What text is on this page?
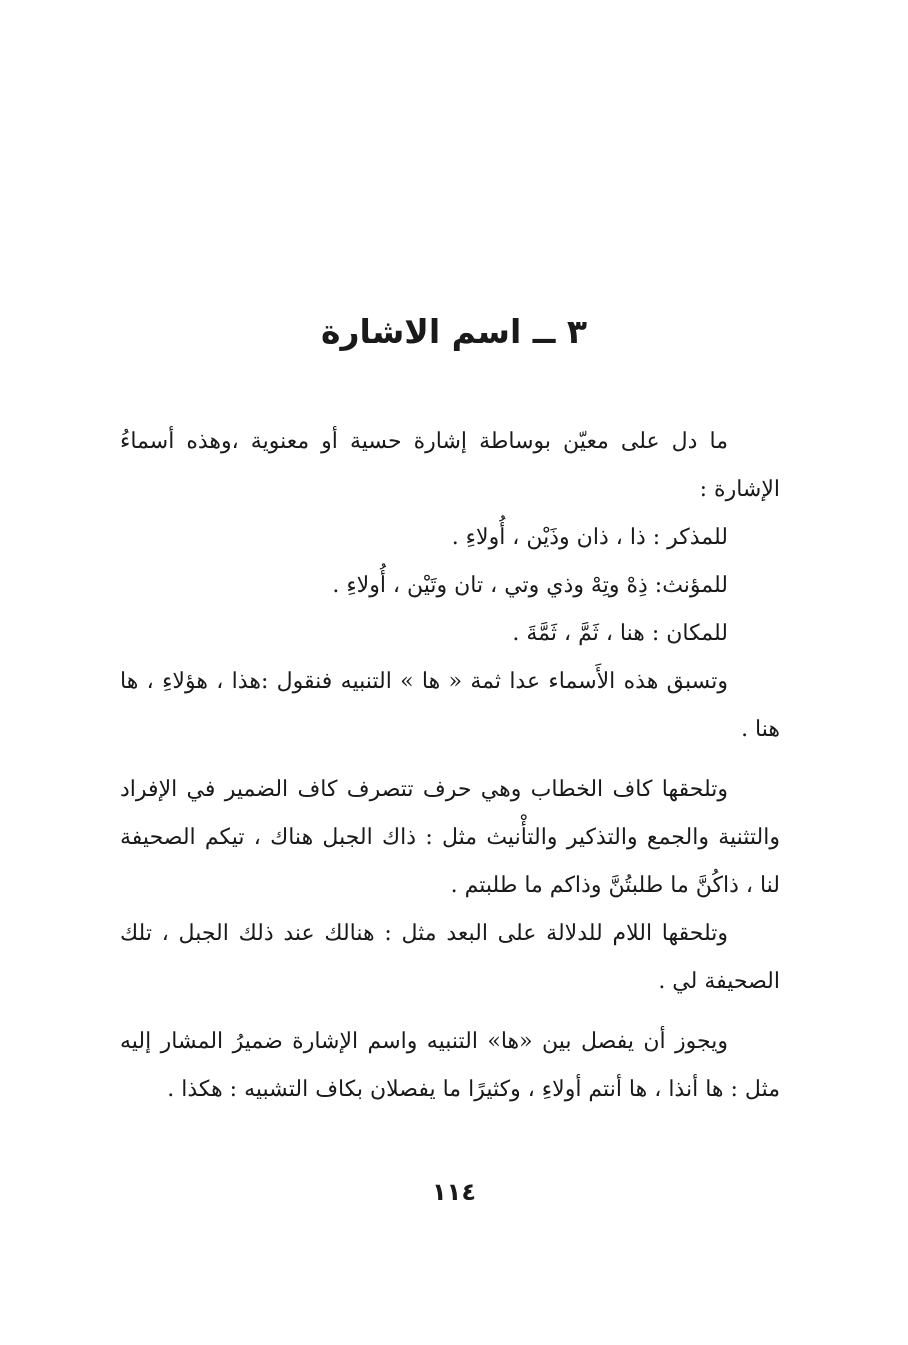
٣ ــ اسم الاشارة

ما دل على معيّن بوساطة إشارة حسية أو معنوية ،وهذه أسماءُ الإشارة :

للمذكر : ذا ، ذان وذَيْن ، أُولاءِ .

للمؤنث: ذِهْ وتِهْ وذي وتي ، تان وتَيْن ، أُولاءِ .

للمكان : هنا ، ثَمَّ ، ثَمَّةَ .

وتسبق هذه الأَسماء عدا ثمة « ها » التنبيه فنقول :هذا ، هؤلاءِ ، ها هنا .

وتلحقها كاف الخطاب وهي حرف تتصرف كاف الضمير في الإفراد والتثنية والجمع والتذكير والتأْنيث مثل : ذاك الجبل هناك ، تيكم الصحيفة لنا ، ذاكُنَّ ما طلبتُنَّ وذاكم ما طلبتم .

وتلحقها اللام للدلالة على البعد مثل : هنالك عند ذلك الجبل ، تلك الصحيفة لي .

ويجوز أن يفصل بين «ها» التنبيه واسم الإشارة ضميرُ المشار إليه مثل : ها أنذا ، ها أنتم أولاءِ ، وكثيرًا ما يفصلان بكاف التشبيه : هكذا .

١١٤
